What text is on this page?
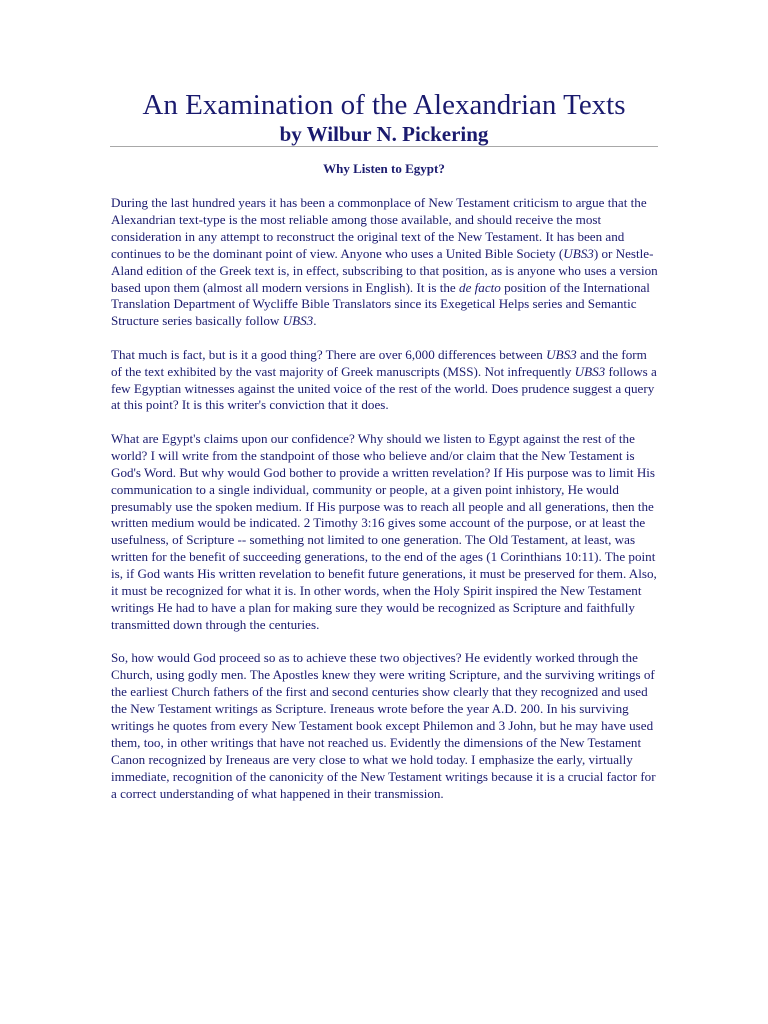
An Examination of the Alexandrian Texts
by Wilbur N. Pickering
Why Listen to Egypt?

During the last hundred years it has been a commonplace of New Testament criticism to argue that the Alexandrian text-type is the most reliable among those available, and should receive the most consideration in any attempt to reconstruct the original text of the New Testament. It has been and continues to be the dominant point of view. Anyone who uses a United Bible Society (UBS3) or Nestle-Aland edition of the Greek text is, in effect, subscribing to that position, as is anyone who uses a version based upon them (almost all modern versions in English). It is the de facto position of the International Translation Department of Wycliffe Bible Translators since its Exegetical Helps series and Semantic Structure series basically follow UBS3.

That much is fact, but is it a good thing? There are over 6,000 differences between UBS3 and the form of the text exhibited by the vast majority of Greek manuscripts (MSS). Not infrequently UBS3 follows a few Egyptian witnesses against the united voice of the rest of the world. Does prudence suggest a query at this point? It is this writer's conviction that it does.

What are Egypt's claims upon our confidence? Why should we listen to Egypt against the rest of the world? I will write from the standpoint of those who believe and/or claim that the New Testament is God's Word. But why would God bother to provide a written revelation? If His purpose was to limit His communication to a single individual, community or people, at a given point inhistory, He would presumably use the spoken medium. If His purpose was to reach all people and all generations, then the written medium would be indicated. 2 Timothy 3:16 gives some account of the purpose, or at least the usefulness, of Scripture -- something not limited to one generation. The Old Testament, at least, was written for the benefit of succeeding generations, to the end of the ages (1 Corinthians 10:11). The point is, if God wants His written revelation to benefit future generations, it must be preserved for them. Also, it must be recognized for what it is. In other words, when the Holy Spirit inspired the New Testament writings He had to have a plan for making sure they would be recognized as Scripture and faithfully transmitted down through the centuries.

So, how would God proceed so as to achieve these two objectives? He evidently worked through the Church, using godly men. The Apostles knew they were writing Scripture, and the surviving writings of the earliest Church fathers of the first and second centuries show clearly that they recognized and used the New Testament writings as Scripture. Ireneaus wrote before the year A.D. 200. In his surviving writings he quotes from every New Testament book except Philemon and 3 John, but he may have used them, too, in other writings that have not reached us. Evidently the dimensions of the New Testament Canon recognized by Ireneaus are very close to what we hold today. I emphasize the early, virtually immediate, recognition of the canonicity of the New Testament writings because it is a crucial factor for a correct understanding of what happened in their transmission.
